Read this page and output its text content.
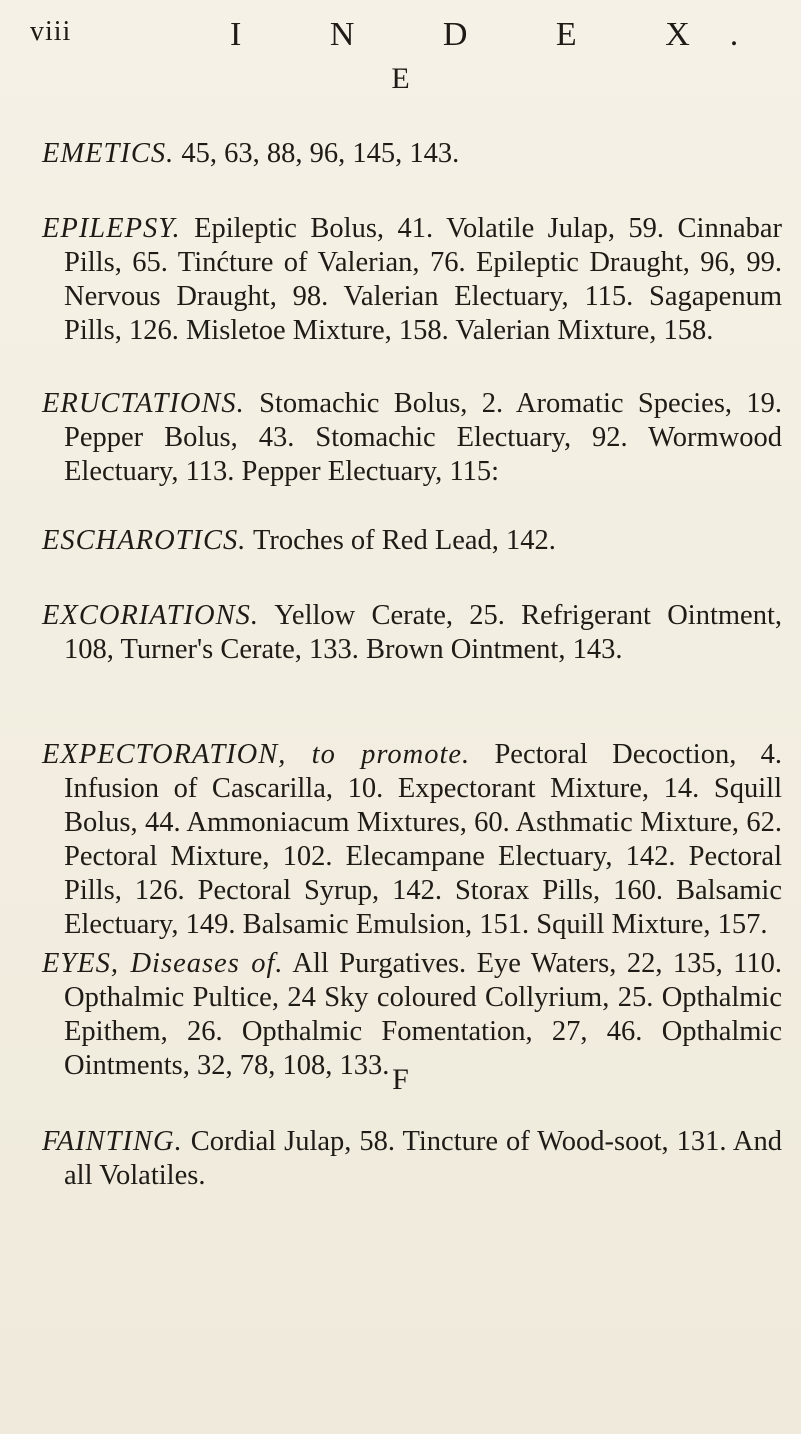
viii	I N D E X.
E

EMETICS. 45, 63, 88, 96, 145, 143.

EPILEPSY. Epileptic Bolus, 41. Volatile Julap, 59. Cinnabar Pills, 65. Tinćture of Valerian, 76. Epileptic Draught, 96, 99. Nervous Draught, 98. Valerian Electuary, 115. Sagapenum Pills, 126. Misletoe Mixture, 158. Valerian Mixture, 158.

ERUCTATIONS. Stomachic Bolus, 2. Aromatic Species, 19. Pepper Bolus, 43. Stomachic Electuary, 92. Wormwood Electuary, 113. Pepper Electuary, 115:

ESCHAROTICS. Troches of Red Lead, 142.

EXCORIATIONS. Yellow Cerate, 25. Refrigerant Ointment, 108, Turner's Cerate, 133. Brown Ointment, 143.

EXPECTORATION, to promote. Pectoral Decoction, 4. Infusion of Cascarilla, 10. Expectorant Mixture, 14. Squill Bolus, 44. Ammoniacum Mixtures, 60. Asthmatic Mixture, 62. Pectoral Mixture, 102. Elecampane Electuary, 142. Pectoral Pills, 126. Pectoral Syrup, 142. Storax Pills, 160. Balsamic Electuary, 149. Balsamic Emulsion, 151. Squill Mixture, 157.

EYES, Diseases of. All Purgatives. Eye Waters, 22, 135, 110. Opthalmic Pultice, 24 Sky coloured Collyrium, 25. Opthalmic Epithem, 26. Opthalmic Fomentation, 27, 46. Opthalmic Ointments, 32, 78, 108, 133. F

FAINTING. Cordial Julap, 58. Tincture of Wood-soot, 131. And all Volatiles.
